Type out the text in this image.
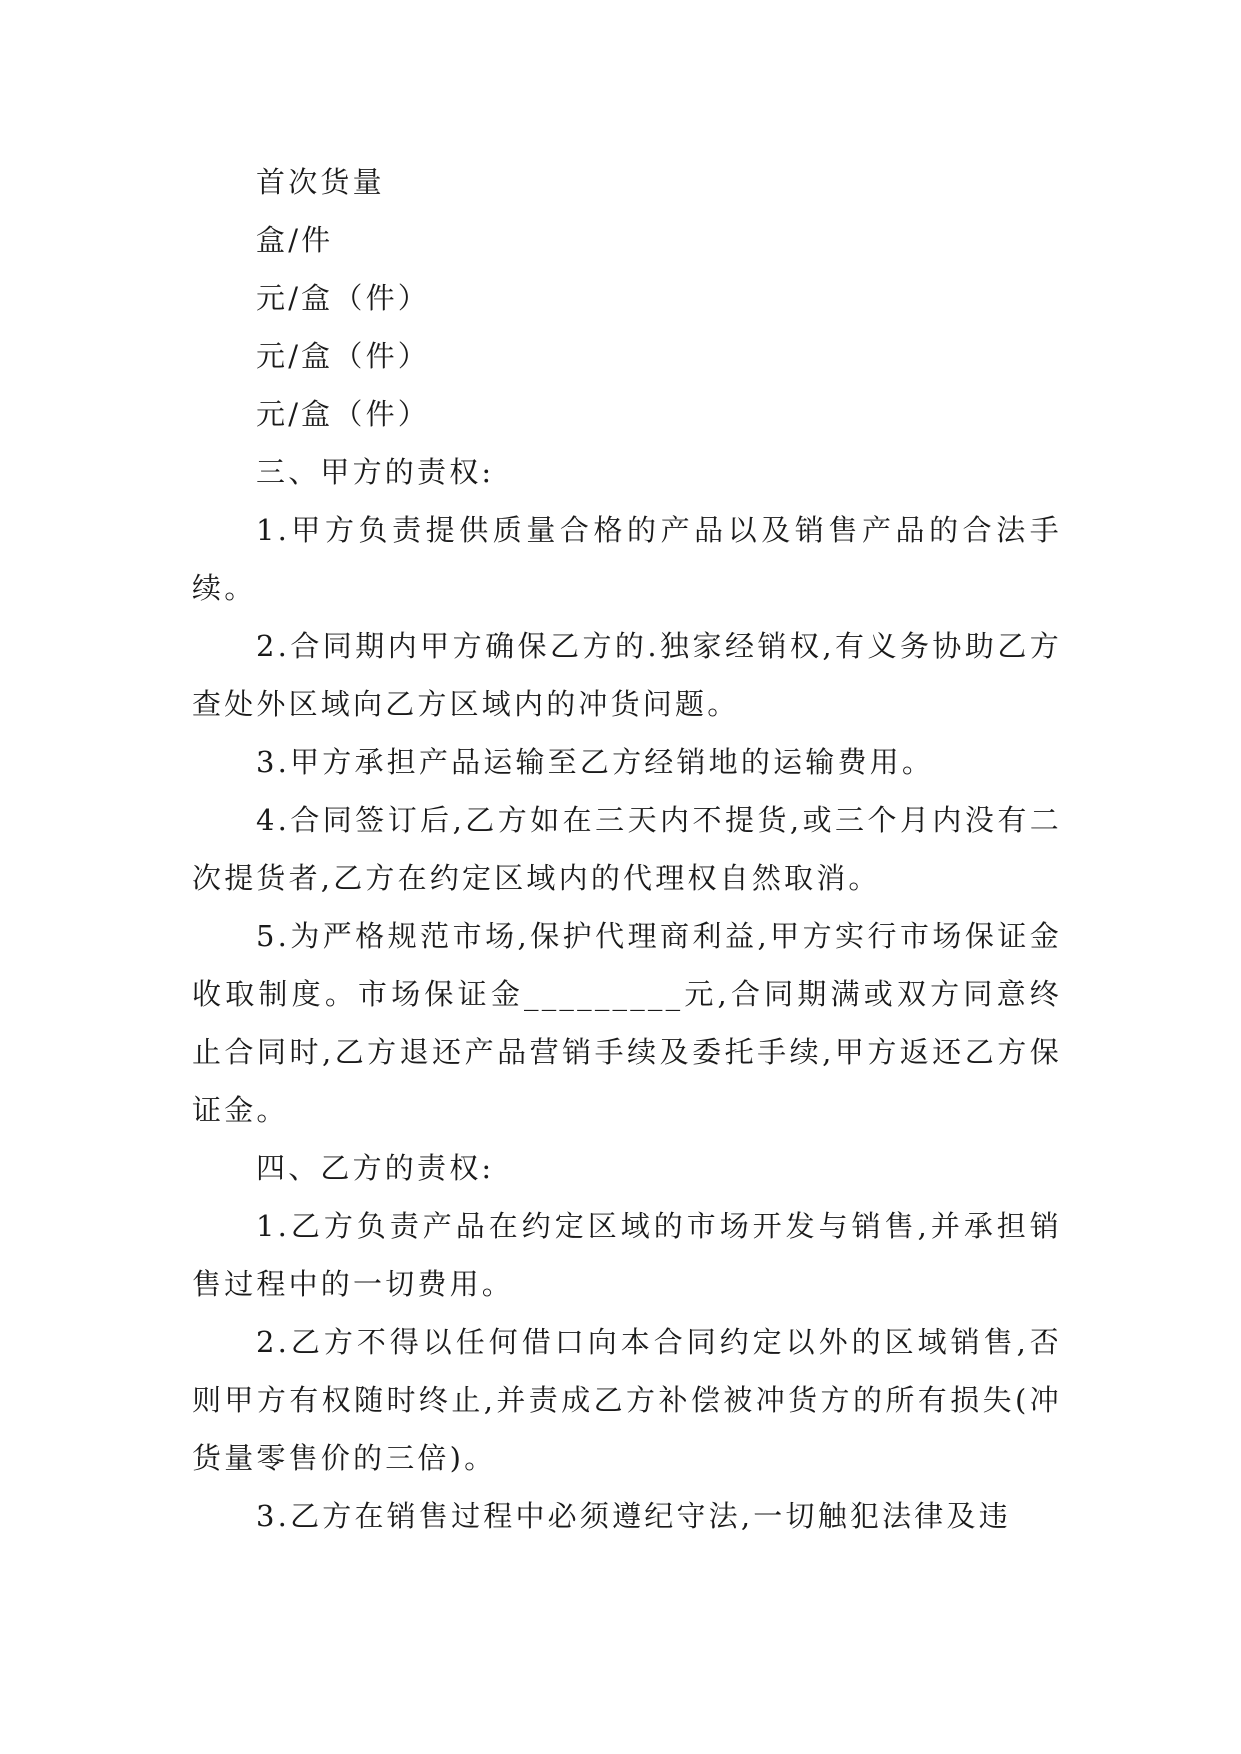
首次货量

盒/件

元/盒（件）

元/盒（件）

元/盒（件）

三、甲方的责权:

1.甲方负责提供质量合格的产品以及销售产品的合法手续。

2.合同期内甲方确保乙方的.独家经销权,有义务协助乙方查处外区域向乙方区域内的冲货问题。

3.甲方承担产品运输至乙方经销地的运输费用。

4.合同签订后,乙方如在三天内不提货,或三个月内没有二次提货者,乙方在约定区域内的代理权自然取消。

5.为严格规范市场,保护代理商利益,甲方实行市场保证金收取制度。市场保证金_________元,合同期满或双方同意终止合同时,乙方退还产品营销手续及委托手续,甲方返还乙方保证金。

四、乙方的责权:

1.乙方负责产品在约定区域的市场开发与销售,并承担销售过程中的一切费用。

2.乙方不得以任何借口向本合同约定以外的区域销售,否则甲方有权随时终止,并责成乙方补偿被冲货方的所有损失(冲货量零售价的三倍)。

3.乙方在销售过程中必须遵纪守法,一切触犯法律及违
